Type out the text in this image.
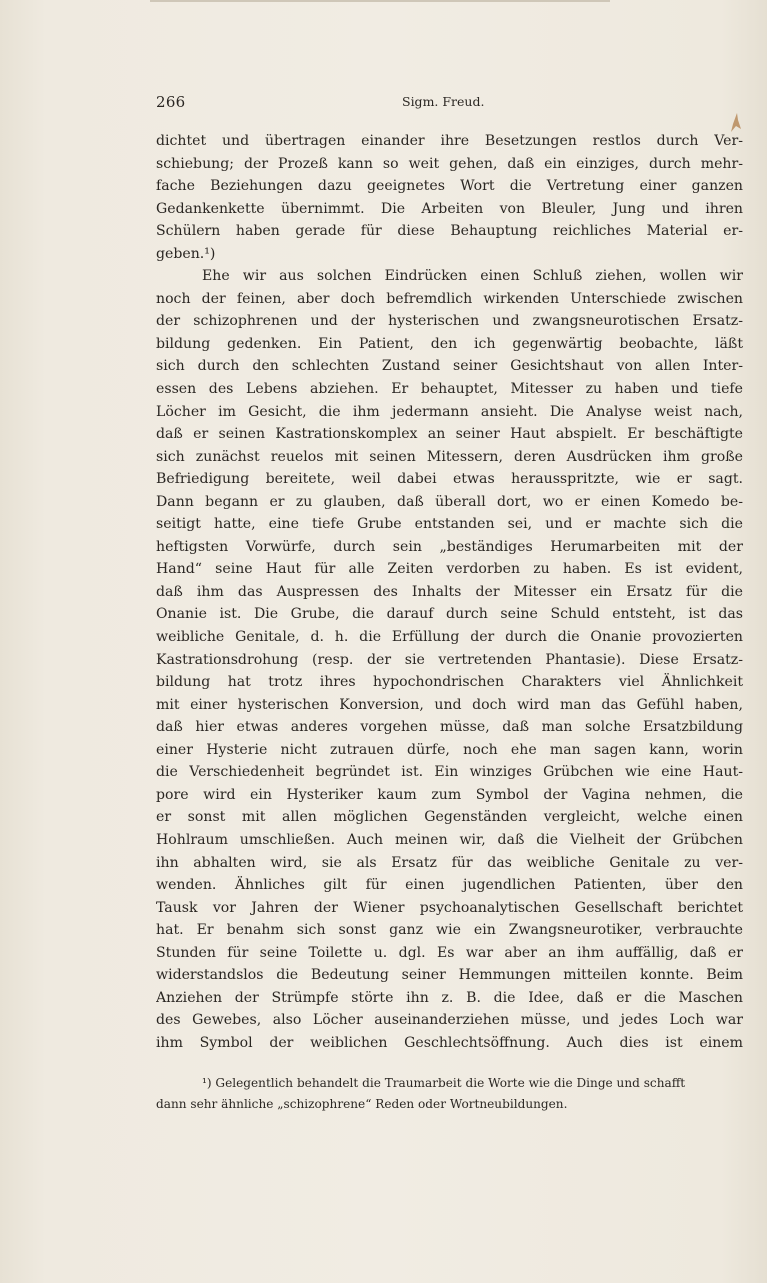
266	Sigm. Freud.
dichtet und übertragen einander ihre Besetzungen restlos durch Ver-
schiebung; der Prozeß kann so weit gehen, daß ein einziges, durch mehr-
fache Beziehungen dazu geeignetes Wort die Vertretung einer ganzen
Gedankenkette übernimmt. Die Arbeiten von Bleuler, Jung und ihren
Schülern haben gerade für diese Behauptung reichliches Material er-
geben.¹)
Ehe wir aus solchen Eindrücken einen Schluß ziehen, wollen wir
noch der feinen, aber doch befremdlich wirkenden Unterschiede zwischen
der schizophrenen und der hysterischen und zwangsneurotischen Ersatz-
bildung gedenken. Ein Patient, den ich gegenwärtig beobachte, läßt
sich durch den schlechten Zustand seiner Gesichtshaut von allen Inter-
essen des Lebens abziehen. Er behauptet, Mitesser zu haben und tiefe
Löcher im Gesicht, die ihm jedermann ansieht. Die Analyse weist nach,
daß er seinen Kastrationskomplex an seiner Haut abspielt. Er beschäftigte
sich zunächst reuelos mit seinen Mitessern, deren Ausdrücken ihm große
Befriedigung bereitete, weil dabei etwas herausspritzte, wie er sagt.
Dann begann er zu glauben, daß überall dort, wo er einen Komedo be-
seitigt hatte, eine tiefe Grube entstanden sei, und er machte sich die
heftigsten Vorwürfe, durch sein „beständiges Herumarbeiten mit der
Hand“ seine Haut für alle Zeiten verdorben zu haben. Es ist evident,
daß ihm das Auspressen des Inhalts der Mitesser ein Ersatz für die
Onanie ist. Die Grube, die darauf durch seine Schuld entsteht, ist das
weibliche Genitale, d. h. die Erfüllung der durch die Onanie provozierten
Kastrationsdrohung (resp. der sie vertretenden Phantasie). Diese Ersatz-
bildung hat trotz ihres hypochondrischen Charakters viel Ähnlichkeit
mit einer hysterischen Konversion, und doch wird man das Gefühl haben,
daß hier etwas anderes vorgehen müsse, daß man solche Ersatzbildung
einer Hysterie nicht zutrauen dürfe, noch ehe man sagen kann, worin
die Verschiedenheit begründet ist. Ein winziges Grübchen wie eine Haut-
pore wird ein Hysteriker kaum zum Symbol der Vagina nehmen, die
er sonst mit allen möglichen Gegenständen vergleicht, welche einen
Hohlraum umschließen. Auch meinen wir, daß die Vielheit der Grübchen
ihn abhalten wird, sie als Ersatz für das weibliche Genitale zu ver-
wenden. Ähnliches gilt für einen jugendlichen Patienten, über den
Tausk vor Jahren der Wiener psychoanalytischen Gesellschaft berichtet
hat. Er benahm sich sonst ganz wie ein Zwangsneurotiker, verbrauchte
Stunden für seine Toilette u. dgl. Es war aber an ihm auffällig, daß er
widerstandslos die Bedeutung seiner Hemmungen mitteilen konnte. Beim
Anziehen der Strümpfe störte ihn z. B. die Idee, daß er die Maschen
des Gewebes, also Löcher auseinanderziehen müsse, und jedes Loch war
ihm Symbol der weiblichen Geschlechtsöffnung. Auch dies ist einem
¹) Gelegentlich behandelt die Traumarbeit die Worte wie die Dinge und schafft
dann sehr ähnliche „schizophrene“ Reden oder Wortneubildungen.
